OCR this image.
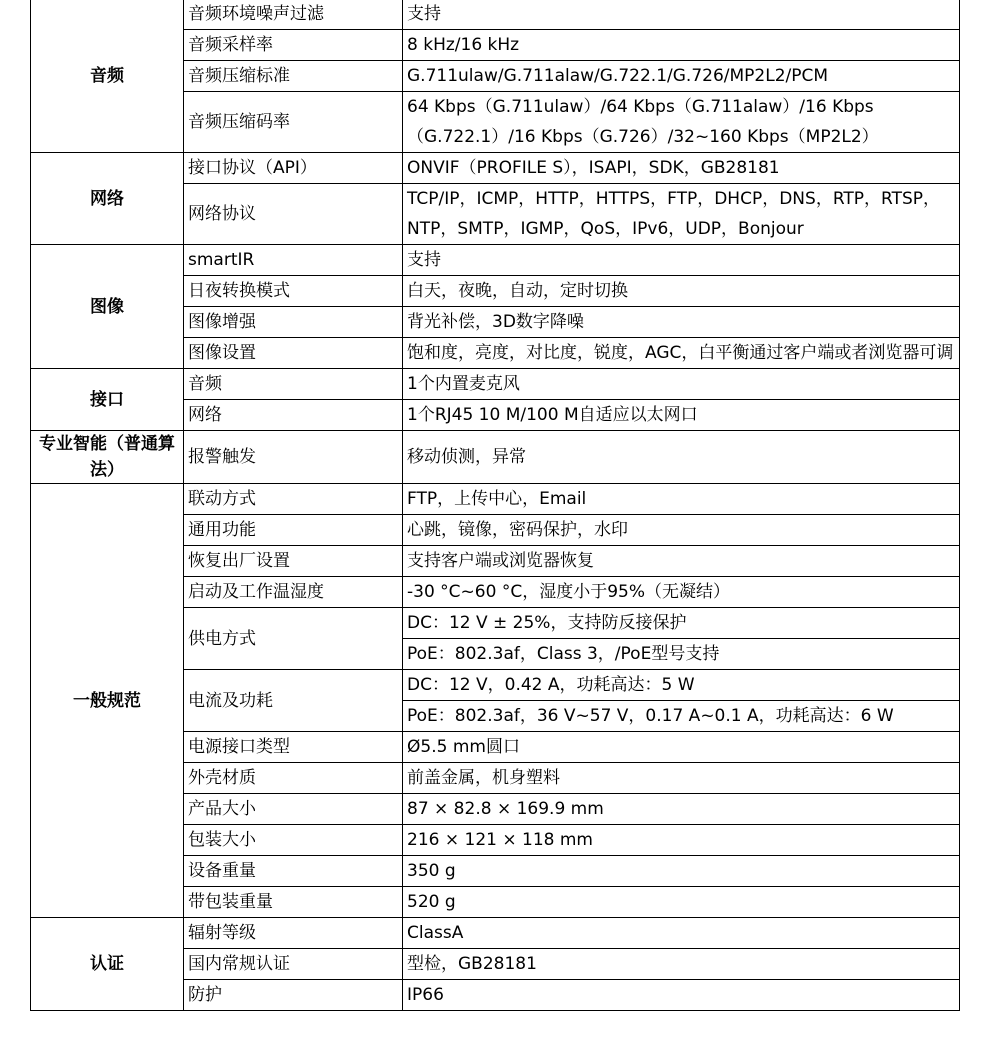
音频	音频环境噪声过滤	支持
	音频采样率	8 kHz/16 kHz
	音频压缩标准	G.711ulaw/G.711alaw/G.722.1/G.726/MP2L2/PCM
	音频压缩码率	64 Kbps（G.711ulaw）/64 Kbps（G.711alaw）/16 Kbps（G.722.1）/16 Kbps（G.726）/32~160 Kbps（MP2L2）
网络	接口协议（API）	ONVIF（PROFILE S），ISAPI，SDK，GB28181
	网络协议	TCP/IP，ICMP，HTTP，HTTPS，FTP，DHCP，DNS，RTP，RTSP，NTP，SMTP，IGMP，QoS，IPv6，UDP，Bonjour
图像	smartIR	支持
	日夜转换模式	白天，夜晚，自动，定时切换
	图像增强	背光补偿，3D数字降噪
	图像设置	饱和度，亮度，对比度，锐度，AGC，白平衡通过客户端或者浏览器可调
接口	音频	1个内置麦克风
	网络	1个RJ45 10 M/100 M自适应以太网口
专业智能（普通算法）	报警触发	移动侦测，异常
一般规范	联动方式	FTP，上传中心，Email
	通用功能	心跳，镜像，密码保护，水印
	恢复出厂设置	支持客户端或浏览器恢复
	启动及工作温湿度	-30 °C~60 °C，湿度小于95%（无凝结）
	供电方式	DC：12 V ± 25%，支持防反接保护
		PoE：802.3af，Class 3，/PoE型号支持
	电流及功耗	DC：12 V，0.42 A，功耗高达：5 W
		PoE：802.3af，36 V~57 V，0.17 A~0.1 A，功耗高达：6 W
	电源接口类型	Ø5.5 mm圆口
	外壳材质	前盖金属，机身塑料
	产品大小	87 × 82.8 × 169.9 mm
	包装大小	216 × 121 × 118 mm
	设备重量	350 g
	带包装重量	520 g
认证	辐射等级	ClassA
	国内常规认证	型检，GB28181
	防护	IP66
